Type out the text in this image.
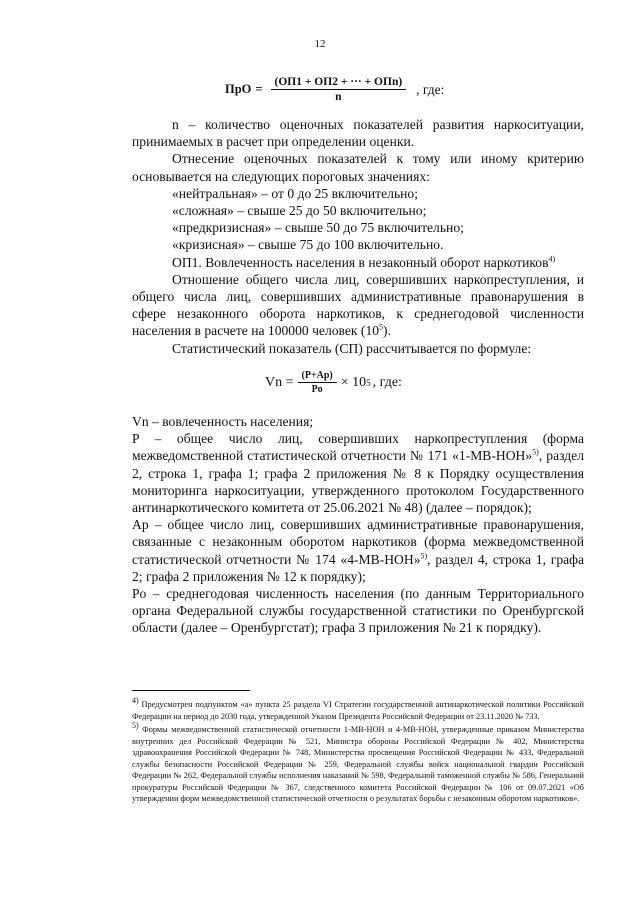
12
ПрО = $\frac{\text{(ОП1 + ОП2 + ··· + ОПn)}}{n}$ , где:

n – количество оценочных показателей развития наркоситуации, принимаемых в расчет при определении оценки.

Отнесение оценочных показателей к тому или иному критерию основывается на следующих пороговых значениях:

«нейтральная» – от 0 до 25 включительно;

«сложная» – свыше 25 до 50 включительно;

«предкризисная» – свыше 50 до 75 включительно;

«кризисная» – свыше 75 до 100 включительно.

ОП1. Вовлеченность населения в незаконный оборот наркотиков$^{4)}$

Отношение общего числа лиц, совершивших наркопреступления, и общего числа лиц, совершивших административные правонарушения в сфере незаконного оборота наркотиков, к среднегодовой численности населения в расчете на 100000 человек $(10^5)$.

Статистический показатель (СП) рассчитывается по формуле:

$Vn = \frac{(P+Ap)}{Po} \times 10$ 5 , где:

Vn – вовлеченность населения;

P – общее число лиц, совершивших наркопреступления (форма межведомственной статистической отчетности № 171 «1-МВ-НОН»$^{5)}$, раздел 2, строка 1, графа 1; графа 2 приложения № 8 к Порядку осуществления мониторинга наркоситуации, утвержденного протоколом Государственного антинаркотического комитета от 25.06.2021 № 48) (далее – порядок);

Ap – общее число лиц, совершивших административные правонарушения, связанные с незаконным оборотом наркотиков (форма межведомственной статистической отчетности № 174 «4-МВ-НОН»$^{5)}$, раздел 4, строка 1, графа 2; графа 2 приложения № 12 к порядку);

Po – среднегодовая численность населения (по данным Территориального органа Федеральной службы государственной статистики по Оренбургской области (далее – Оренбургстат); графа 3 приложения № 21 к порядку).

$^{4)}$ Предусмотрен подпунктом «а» пункта 25 раздела VI Стратегии государственной антинаркотической политики Российской Федерации на период до 2030 года, утвержденной Указом Президента Российской Федерации от 23.11.2020 № 733.

$^{5)}$ Формы межведомственной статистической отчетности 1-МВ-НОН и 4-МВ-НОН, утвержденные приказом Министерства внутренних дел Российской Федерации № 521, Министра обороны Российской Федерации № 402, Министерства здравоохранения Российской Федерации № 748, Министерства просвещения Российской Федерации № 433, Федеральной службы безопасности Российской Федерации № 259, Федеральной службы войск национальной гвардии Российской Федерации № 262, Федеральной службы исполнения наказаний № 598, Федеральной таможенной службы № 586, Генеральной прокуратуры Российской Федерации № 367, следственного комитета Российской Федерации № 106 от 09.07.2021 «Об утверждении форм межведомственной статистической отчетности о результатах борьбы с незаконным оборотом наркотиков».
